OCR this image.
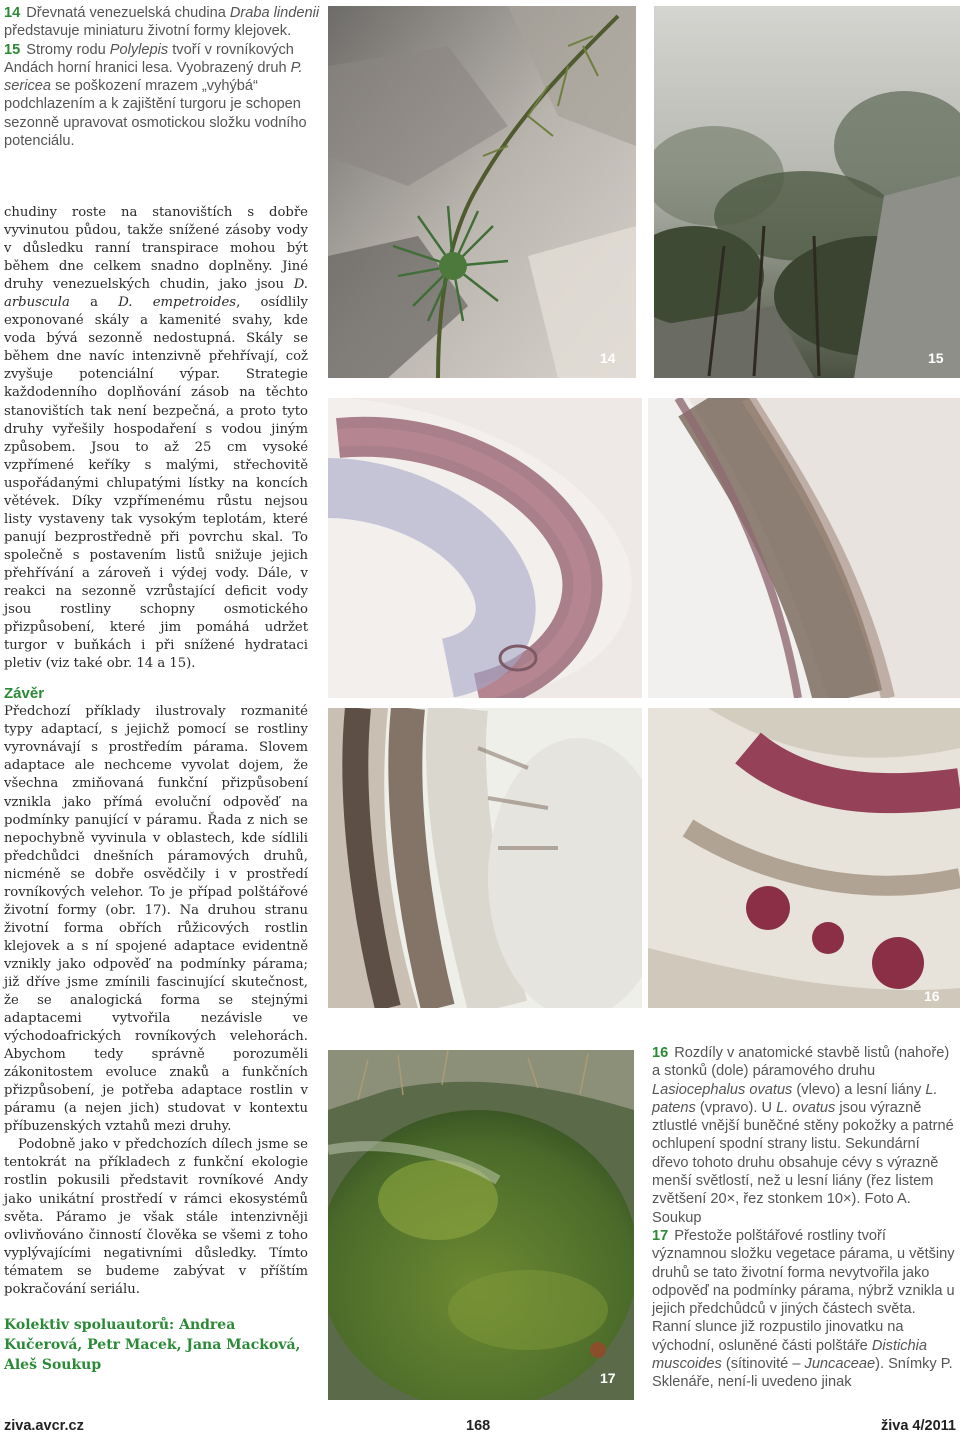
14 Dřevnatá venezuelská chudina Draba lindenii představuje miniaturu životní formy klejovek.
15 Stromy rodu Polylepis tvoří v rovníkových Andách horní hranici lesa. Vyobrazený druh P. sericea se poškození mrazem „vyhýbá“ podchlazením a k zajištění turgoru je schopen sezonně upravovat osmotickou složku vodního potenciálu.

chudiny roste na stanovištích s dobře vyvinutou půdou, takže snížené zásoby vody v důsledku ranní transpirace mohou být během dne celkem snadno doplněny. Jiné druhy venezuelských chudin, jako jsou D. arbuscula a D. empetroides, osídlily exponované skály a kamenité svahy, kde voda bývá sezonně nedostupná. Skály se během dne navíc intenzivně přehřívají, což zvyšuje potenciální výpar. Strategie každodenního doplňování zásob na těchto stanovištích tak není bezpečná, a proto tyto druhy vyřešily hospodaření s vodou jiným způsobem. Jsou to až 25 cm vysoké vzpřímené keříky s malými, střechovitě uspořádanými chlupatými lístky na koncích větévek. Díky vzpřímenému růstu nejsou listy vystaveny tak vysokým teplotám, které panují bezprostředně při povrchu skal. To společně s postavením listů snižuje jejich přehřívání a zároveň i výdej vody. Dále, v reakci na sezonně vzrůstající deficit vody jsou rostliny schopny osmotického přizpůsobení, které jim pomáhá udržet turgor v buňkách i při snížené hydrataci pletiv (viz také obr. 14 a 15).

Závěr

Předchozí příklady ilustrovaly rozmanité typy adaptací, s jejichž pomocí se rostliny vyrovnávají s prostředím párama. Slovem adaptace ale nechceme vyvolat dojem, že všechna zmiňovaná funkční přizpůsobení vznikla jako přímá evoluční odpověď na podmínky panující v páramu. Řada z nich se nepochybně vyvinula v oblastech, kde sídlili předchůdci dnešních páramových druhů, nicméně se dobře osvědčily i v prostředí rovníkových velehor. To je případ polštářové životní formy (obr. 17). Na druhou stranu životní forma obřích růžicových rostlin klejovek a s ní spojené adaptace evidentně vznikly jako odpověď na podmínky párama; již dříve jsme zmínili fascinující skutečnost, že se analogická forma se stejnými adaptacemi vytvořila nezávisle ve východoafrických rovníkových velehorách. Abychom tedy správně porozuměli zákonitostem evoluce znaků a funkčních přizpůsobení, je potřeba adaptace rostlin v páramu (a nejen jich) studovat v kontextu příbuzenských vztahů mezi druhy.

Podobně jako v předchozích dílech jsme se tentokrát na příkladech z funkční ekologie rostlin pokusili představit rovníkové Andy jako unikátní prostředí v rámci ekosystémů světa. Páramo je však stále intenzivněji ovlivňováno činností člověka se všemi z toho vyplývajícími negativními důsledky. Tímto tématem se budeme zabývat v příštím pokračování seriálu.

Kolektiv spoluautorů: Andrea Kučerová, Petr Macek, Jana Macková, Aleš Soukup
14	15
16
17
16 Rozdíly v anatomické stavbě listů (nahoře) a stonků (dole) páramového druhu Lasiocephalus ovatus (vlevo) a lesní liány L. patens (vpravo). U L. ovatus jsou výrazně ztlustlé vnější buněčné stěny pokožky a patrné ochlupení spodní strany listu. Sekundární dřevo tohoto druhu obsahuje cévy s výrazně menší světlostí, než u lesní liány (řez listem zvětšení 20×, řez stonkem 10×). Foto A. Soukup
17 Přestože polštářové rostliny tvoří významnou složku vegetace párama, u většiny druhů se tato životní forma nevytvořila jako odpověď na podmínky párama, nýbrž vznikla u jejich předchůdců v jiných částech světa. Ranní slunce již rozpustilo jinovatku na východní, osluněné části polštáře Distichia muscoides (sítinovité – Juncaceae). Snímky P. Sklenáře, není-li uvedeno jinak
ziva.avcr.cz	168	živa 4/2011
